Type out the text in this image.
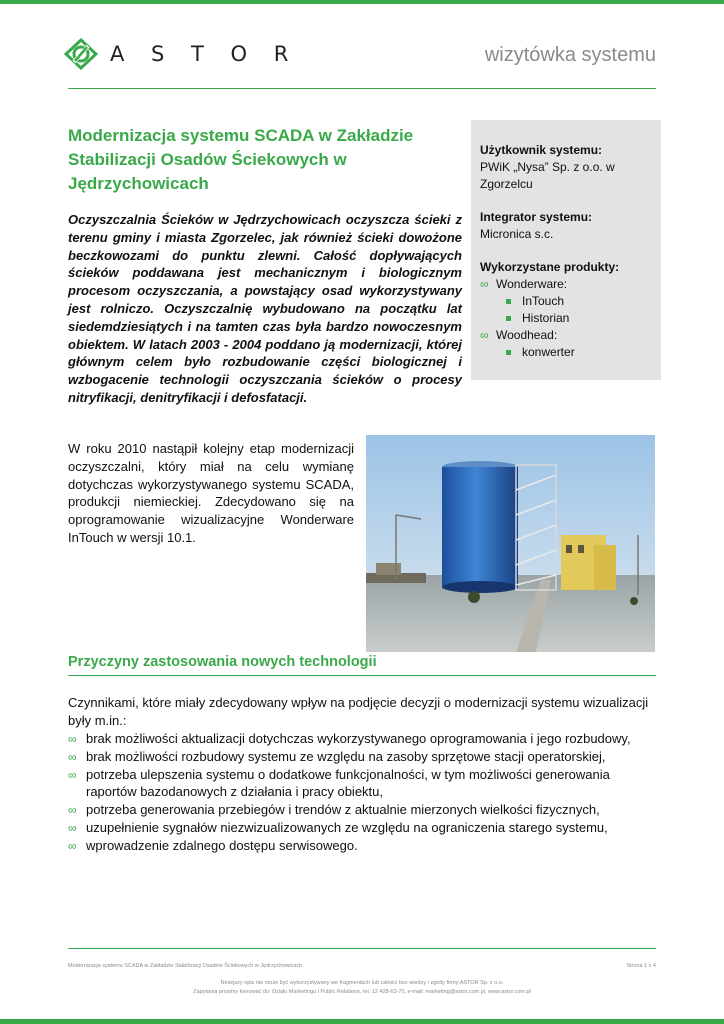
A S T O R	wizytówka systemu
Modernizacja systemu SCADA w Zakładzie Stabilizacji Osadów Ściekowych w Jędrzychowicach

Oczyszczalnia Ścieków w Jędrzychowicach oczyszcza ścieki z terenu gminy i miasta Zgorzelec, jak również ścieki dowożone beczkowozami do punktu zlewni. Całość dopływających ścieków poddawana jest mechanicznym i biologicznym procesom oczyszczania, a powstający osad wykorzystywany jest rolniczo. Oczyszczalnię wybudowano na początku lat siedemdziesiątych i na tamten czas była bardzo nowoczesnym obiektem. W latach 2003 - 2004 poddano ją modernizacji, której głównym celem było rozbudowanie części biologicznej i wzbogacenie technologii oczyszczania ścieków o procesy nitryfikacji, denitryfikacji i defosfatacji.

Użytkownik systemu:
PWiK „Nysa” Sp. z o.o. w Zgorzelcu
Integrator systemu:
Micronica s.c.
Wykorzystane produkty:
∞ Wonderware:
InTouch
Historian
∞ Woodhead:
konwerter

W roku 2010 nastąpił kolejny etap modernizacji oczyszczalni, który miał na celu wymianę dotychczas wykorzystywanego systemu SCADA, produkcji niemieckiej. Zdecydowano się na oprogramowanie wizualizacyjne Wonderware InTouch w wersji 10.1.

Przyczyny zastosowania nowych technologii

Czynnikami, które miały zdecydowany wpływ na podjęcie decyzji o modernizacji systemu wizualizacji były m.in.:

∞ brak możliwości aktualizacji dotychczas wykorzystywanego oprogramowania i jego rozbudowy,
∞ brak możliwości rozbudowy systemu ze względu na zasoby sprzętowe stacji operatorskiej,
∞ potrzeba ulepszenia systemu o dodatkowe funkcjonalności, w tym możliwości generowania raportów bazodanowych z działania i pracy obiektu,
∞ potrzeba generowania przebiegów i trendów z aktualnie mierzonych wielkości fizycznych,
∞ uzupełnienie sygnałów niezwizualizowanych ze względu na ograniczenia starego systemu,
∞ wprowadzenie zdalnego dostępu serwisowego.
Modernizacja systemu SCADA w Zakładzie Stabilizacji Osadów Ściekowych w Jędrzychowicach	Strona 1 z 4
Niniejszy opis nie może być wykorzystywany we fragmentach lub całości bez wiedzy i zgody firmy ASTOR Sp. z o.o.
Zapytania prosimy kierować do: Działu Marketingu i Public Relations, tel. 12 428-63-70, e-mail: marketing@astor.com.pl, www.astor.com.pl
